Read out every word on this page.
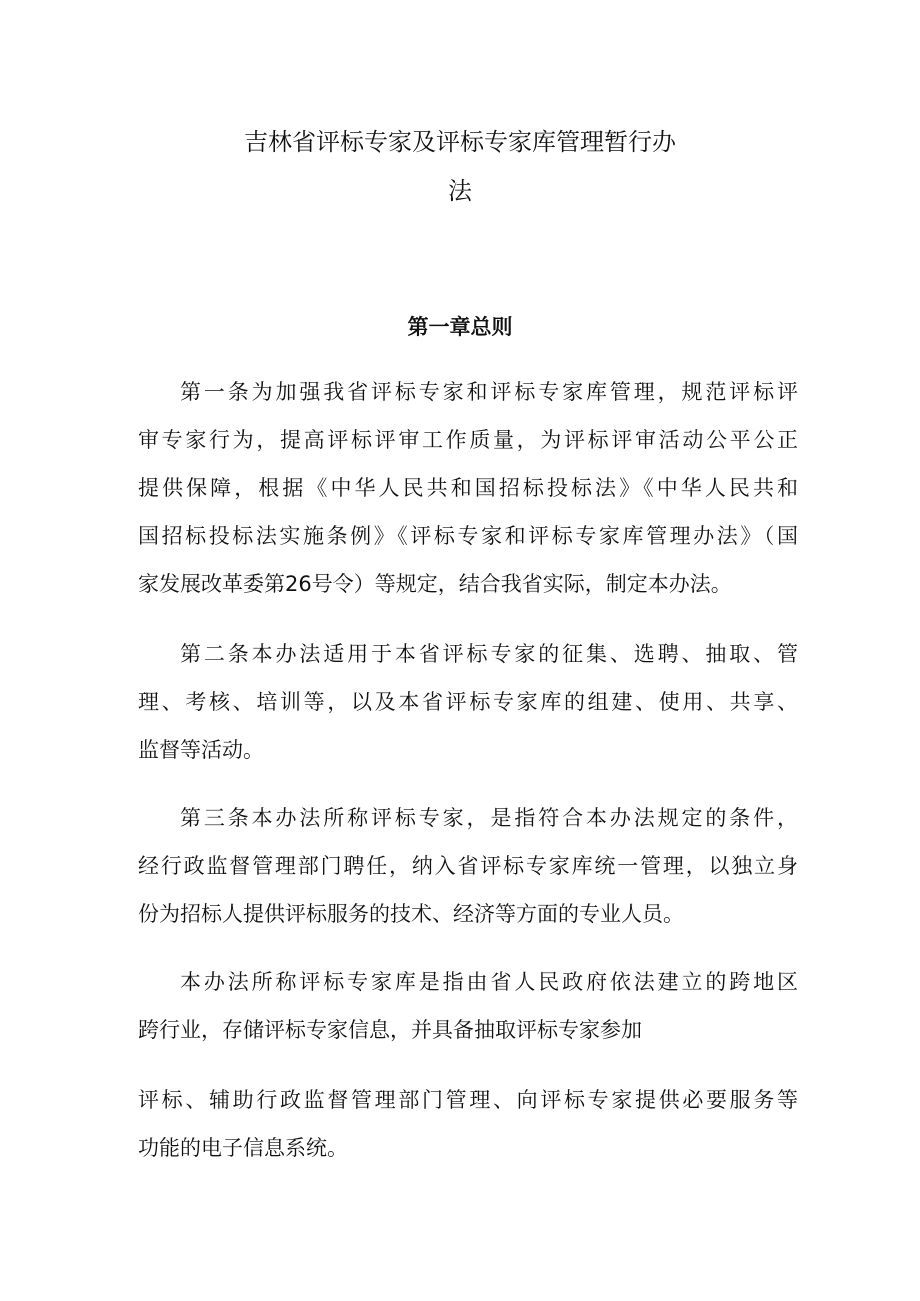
吉林省评标专家及评标专家库管理暂行办
法
第一章总则
第一条为加强我省评标专家和评标专家库管理，规范评标评
审专家行为，提高评标评审工作质量，为评标评审活动公平公正
提供保障，根据《中华人民共和国招标投标法》《中华人民共和
国招标投标法实施条例》《评标专家和评标专家库管理办法》（国
家发展改革委第26号令）等规定，结合我省实际，制定本办法。
第二条本办法适用于本省评标专家的征集、选聘、抽取、管
理、考核、培训等，以及本省评标专家库的组建、使用、共享、
监督等活动。
第三条本办法所称评标专家，是指符合本办法规定的条件，
经行政监督管理部门聘任，纳入省评标专家库统一管理，以独立身
份为招标人提供评标服务的技术、经济等方面的专业人员。
本办法所称评标专家库是指由省人民政府依法建立的跨地区
跨行业，存储评标专家信息，并具备抽取评标专家参加
评标、辅助行政监督管理部门管理、向评标专家提供必要服务等
功能的电子信息系统。
